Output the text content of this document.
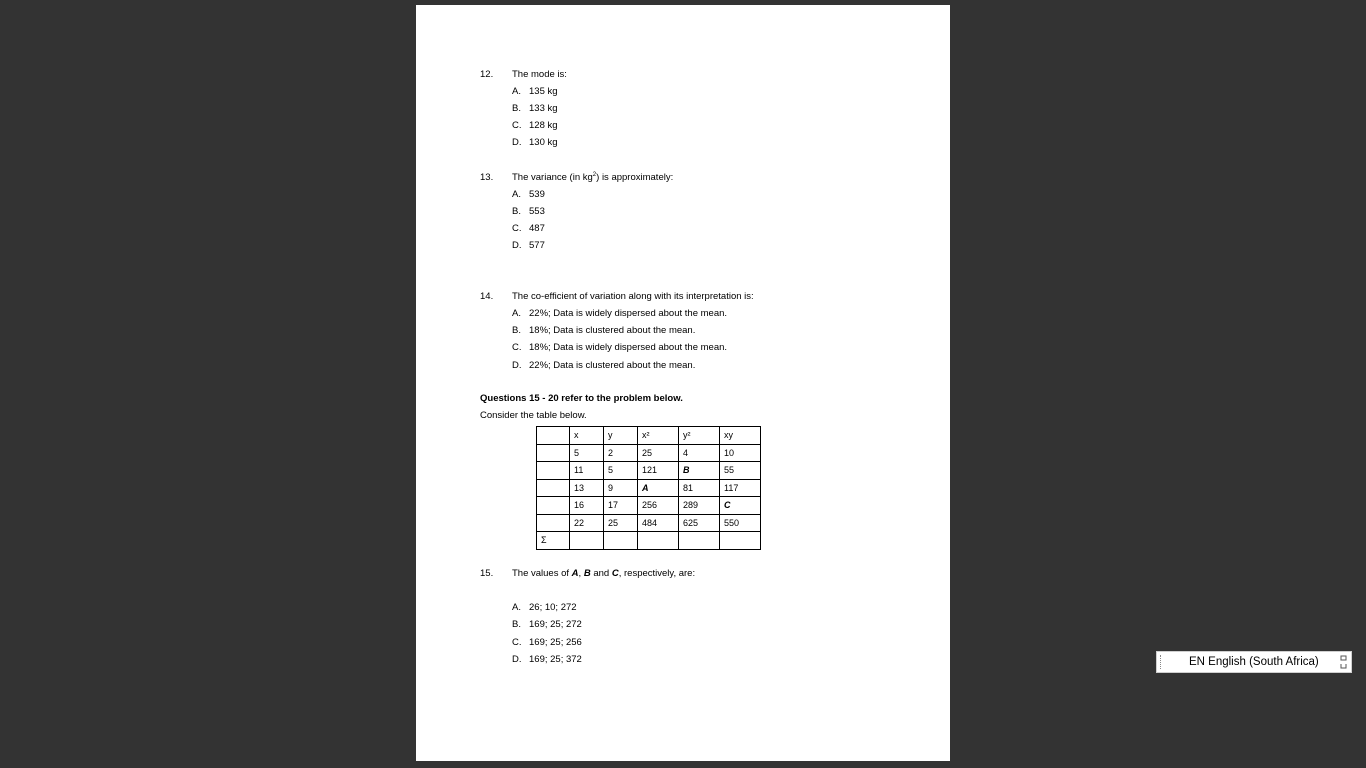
12.	The mode is:
A. 135 kg
B. 133 kg
C. 128 kg
D. 130 kg
13.	The variance (in $kg^2$) is approximately:
A. 539
B. 553
C. 487
D. 577
14.	The co-efficient of variation along with its interpretation is:
A. 22%; Data is widely dispersed about the mean.
B. 18%; Data is clustered about the mean.
C. 18%; Data is widely dispersed about the mean.
D. 22%; Data is clustered about the mean.
Questions 15 - 20 refer to the problem below.
Consider the table below.
	x	y	x²	y²	xy
	5	2	25	4	10
	11	5	121	B	55
	13	9	A	81	117
	16	17	256	289	C
	22	25	484	625	550
Σ					
15.	The values of A, B and C, respectively, are:
A. 26; 10; 272
B. 169; 25; 272
C. 169; 25; 256
D. 169; 25; 372	EN English (South Africa)
